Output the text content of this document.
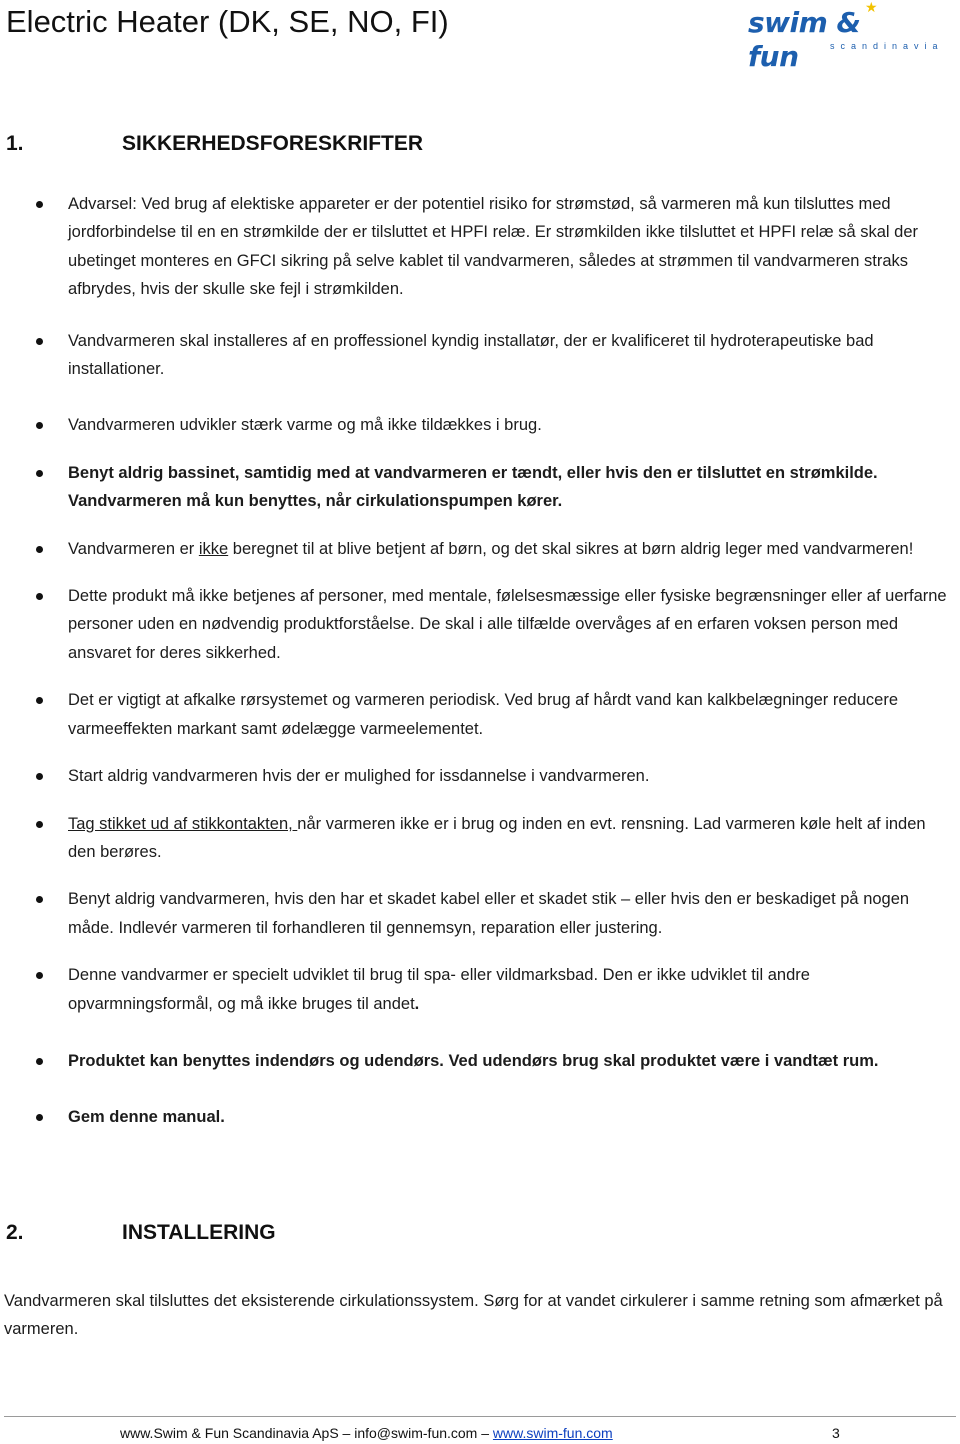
Electric Heater (DK, SE, NO, FI)	swim & fun
★
scandinavia
1.	SIKKERHEDSFORESKRIFTER

Advarsel: Ved brug af elektiske appareter er der potentiel risiko for strømstød, så varmeren må kun tilsluttes med jordforbindelse til en en strømkilde der er tilsluttet et HPFI relæ. Er strømkilden ikke tilsluttet et HPFI relæ så skal der ubetinget monteres en GFCI sikring på selve kablet til vandvarmeren, således at strømmen til vandvarmeren straks afbrydes, hvis der skulle ske fejl i strømkilden.

Vandvarmeren skal installeres af en proffessionel kyndig installatør, der er kvalificeret til hydroterapeutiske bad installationer.

Vandvarmeren udvikler stærk varme og må ikke tildækkes i brug.

Benyt aldrig bassinet, samtidig med at vandvarmeren er tændt, eller hvis den er tilsluttet en strømkilde. Vandvarmeren må kun benyttes, når cirkulationspumpen kører.

Vandvarmeren er ikke beregnet til at blive betjent af børn, og det skal sikres at børn aldrig leger med vandvarmeren!

Dette produkt må ikke betjenes af personer, med mentale, følelsesmæssige eller fysiske begrænsninger eller af uerfarne personer uden en nødvendig produktforståelse. De skal i alle tilfælde overvåges af en erfaren voksen person med ansvaret for deres sikkerhed.

Det er vigtigt at afkalke rørsystemet og varmeren periodisk. Ved brug af hårdt vand kan kalkbelægninger reducere varmeeffekten markant samt ødelægge varmeelementet.

Start aldrig vandvarmeren hvis der er mulighed for issdannelse i vandvarmeren.

Tag stikket ud af stikkontakten, når varmeren ikke er i brug og inden en evt. rensning. Lad varmeren køle helt af inden den berøres.

Benyt aldrig vandvarmeren, hvis den har et skadet kabel eller et skadet stik – eller hvis den er beskadiget på nogen måde. Indlevér varmeren til forhandleren til gennemsyn, reparation eller justering.

Denne vandvarmer er specielt udviklet til brug til spa- eller vildmarksbad. Den er ikke udviklet til andre opvarmningsformål, og må ikke bruges til andet.

Produktet kan benyttes indendørs og udendørs. Ved udendørs brug skal produktet være i vandtæt rum.

Gem denne manual.

2.	INSTALLERING
Vandvarmeren skal tilsluttes det eksisterende cirkulationssystem. Sørg for at vandet cirkulerer i samme retning som afmærket på varmeren.
www.Swim & Fun Scandinavia ApS – info@swim-fun.com – www.swim-fun.com	3
